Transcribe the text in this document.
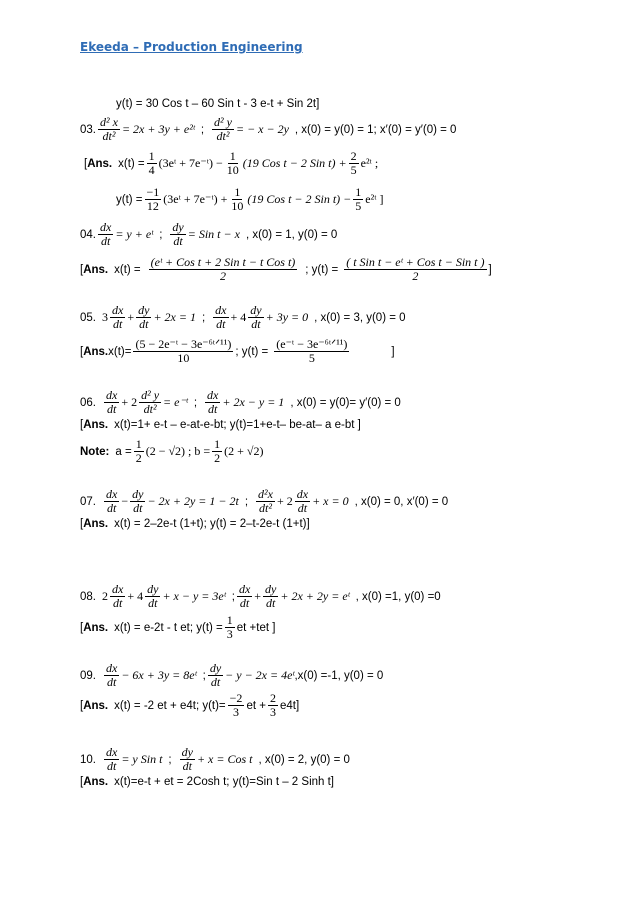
Ekeeda – Production Engineering
y(t) = 30 Cos t – 60 Sin t - 3 e-t + Sin 2t]
03. $\frac{\text{d² x}}{\text{dt²}} = 2x + 3y$ + e²ᵗ ; $\frac{\text{d² y}}{\text{dt²}}$ = − x − 2y , x(0) = y(0) = 1; x′(0) = y′(0) = 0
[ Ans. $x(t) = \frac{1}{4}$ (3eᵗ + 7e⁻ᵗ) − $\frac{1}{10} (19$ Cos t − 2 Sin $t) + \frac{2}{5}$ e²ᵗ ;
$y(t) = \frac{-1}{12}$ (3eᵗ + 7e⁻ᵗ) + $\frac{1}{10} (19$ Cos t − 2 Sin $t) - \frac{1}{5}$ e²ᵗ ]
04. $\frac{dx}{dt} = y$ + eᵗ ; $\frac{dy}{dt}$ = Sin t − x , x(0) = 1, y(0) = 0
[ Ans. $x(t) = \frac{\text{(eᵗ + Cos t + 2 Sin t − t Cos t)}}{2}$ ; $y(t) = \frac{\text{( t Sin t − eᵗ + Cos t − Sin t )}}{2}$ ]
05. $3 \frac{dx}{dt} + \frac{dy}{dt} + 2x = 1$ ; $\frac{dx}{dt} + 4 \frac{dy}{dt} + 3y = 0$ , x(0) = 3, y(0) = 0
[ Ans. $x(t)= \frac{\text{(5 − 2e⁻ᵗ − 3e⁻⁶ᵗᐟ¹¹)}}{10}$ ; $y(t) = \frac{\text{(e⁻ᵗ − 3e⁻⁶ᵗᐟ¹¹)}}{5}$	]
06. $\frac{dx}{dt} + 2 \frac{\text{d² y}}{\text{dt²}}$ = e⁻ᵗ ; $\frac{dx}{dt} + 2x - y = 1$ , x(0) = y(0)= y′(0) = 0
[ Ans. x(t)=1+ e-t – e-at-e-bt; y(t)=1+e-t– be-at– a e-bt ]
Note: $a = \frac{1}{2} (2 - √2)$ ; $b = \frac{1}{2} (2 + √2)$
07. $\frac{dx}{dt} - \frac{dy}{dt} - 2x + 2y = 1 - 2t$ ; $\frac{\text{d²x}}{\text{dt²}} + 2 \frac{dx}{dt} + x = 0$ , x(0) = 0, x′(0) = 0
[ Ans. x(t) = 2–2e-t (1+t); y(t) = 2–t-2e-t (1+t)]
08. $2 \frac{dx}{dt} + 4 \frac{dy}{dt} + x - y$ = 3eᵗ ; $\frac{dx}{dt} + \frac{dy}{dt} + 2x + 2y$ = eᵗ , x(0) =1, y(0) =0
[ Ans. x(t) = e-2t - t et; $y(t) = \frac{1}{3}$ et +tet ]
09. $\frac{dx}{dt} - 6x + 3y$ = 8eᵗ ; $\frac{dy}{dt} - y - 2x$ = 4eᵗ ,x(0) =-1, y(0) = 0
[ Ans. x(t) = -2 et + e4t; $y(t)= \frac{-2}{3}$ et + $\frac{2}{3} e4t$]
10. $\frac{dx}{dt} = y$ Sin t ; $\frac{dy}{dt} + x$ = Cos t , x(0) = 2, y(0) = 0
[ Ans. x(t)=e-t + et = 2Cosh t; y(t)=Sin t – 2 Sinh t]
